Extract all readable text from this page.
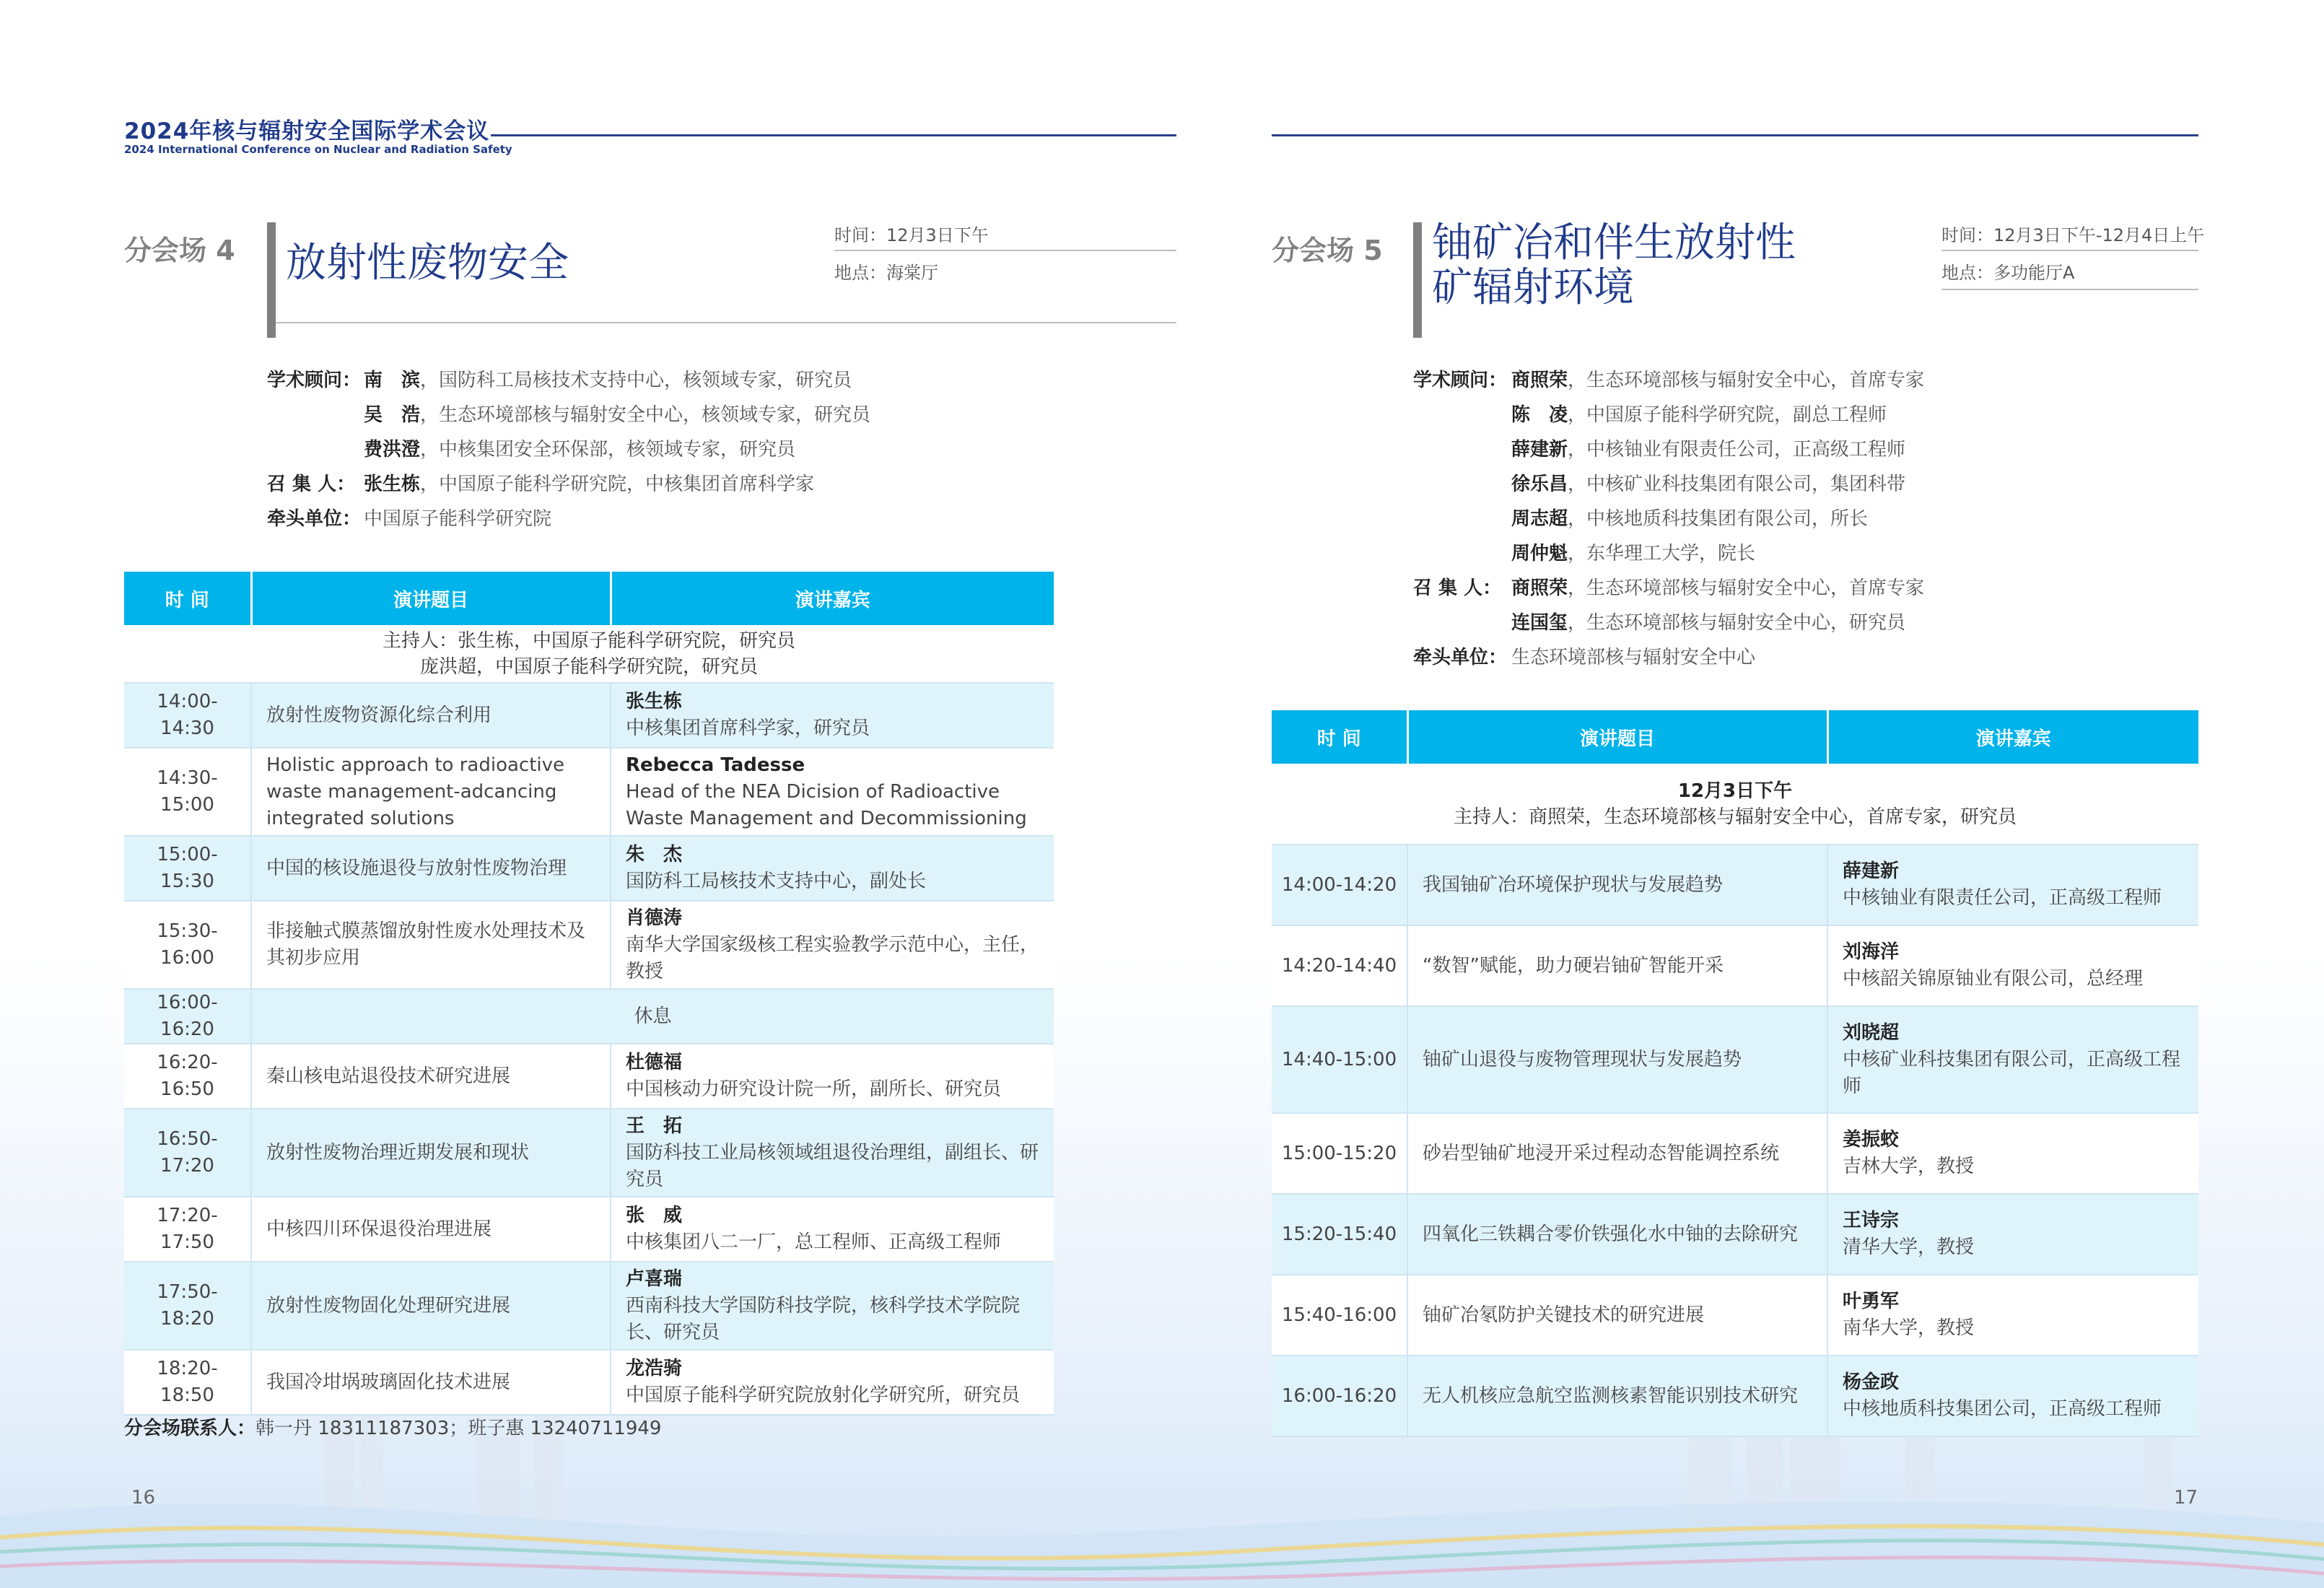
2024年核与辐射安全国际学术会议
2024 International Conference on Nuclear and Radiation Safety
分会场 4 放射性废物安全
时间：12月3日下午
地点：海棠厅
学术顾问： 南　滨 ，国防科工局核技术支持中心，核领域专家，研究员
吴　浩 ，生态环境部核与辐射安全中心，核领域专家，研究员
费洪澄 ，中核集团安全环保部，核领域专家，研究员
召 集 人： 张生栋 ，中国原子能科学研究院，中核集团首席科学家
牵头单位： 中国原子能科学研究院
时 间	演讲题目	演讲嘉宾

主持人：张生栋，中国原子能科学研究院，研究员
庞洪超，中国原子能科学研究院，研究员		

14:00-14:30	放射性废物资源化综合利用	张生栋
中核集团首席科学家，研究员

14:30-15:00	Holistic approach to radioactive waste management-adcancing integrated solutions	Rebecca Tadesse
Head of the NEA Dicision of Radioactive Waste Management and Decommissioning

15:00-15:30	中国的核设施退役与放射性废物治理	朱　杰
国防科工局核技术支持中心，副处长

15:30-16:00	非接触式膜蒸馏放射性废水处理技术及其初步应用	肖德涛
南华大学国家级核工程实验教学示范中心，主任，教授

16:00-16:20	休息	
16:20-16:50	秦山核电站退役技术研究进展	杜德福
中国核动力研究设计院一所，副所长、研究员

16:50-17:20	放射性废物治理近期发展和现状	王　拓
国防科技工业局核领域组退役治理组，副组长、研究员

17:20-17:50	中核四川环保退役治理进展	张　威
中核集团八二一厂，总工程师、正高级工程师

17:50-18:20	放射性废物固化处理研究进展	卢喜瑞
西南科技大学国防科技学院，核科学技术学院院长、研究员

18:20-18:50	我国冷坩埚玻璃固化技术进展	龙浩骑
中国原子能科学研究院放射化学研究所，研究员
分会场联系人：韩一丹 18311187303；班子惠 13240711949
16
分会场 5 铀矿冶和伴生放射性
矿辐射环境
时间：12月3日下午-12月4日上午
地点：多功能厅A
学术顾问： 商照荣 ，生态环境部核与辐射安全中心，首席专家
陈　凌 ，中国原子能科学研究院，副总工程师
薛建新 ，中核铀业有限责任公司，正高级工程师
徐乐昌 ，中核矿业科技集团有限公司，集团科带
周志超 ，中核地质科技集团有限公司，所长
周仲魁 ，东华理工大学，院长
召 集 人： 商照荣 ，生态环境部核与辐射安全中心，首席专家
连国玺 ，生态环境部核与辐射安全中心，研究员
牵头单位： 生态环境部核与辐射安全中心
时 间	演讲题目	演讲嘉宾

12月3日下午
主持人：商照荣，生态环境部核与辐射安全中心，首席专家，研究员		

14:00-14:20	我国铀矿冶环境保护现状与发展趋势	薛建新
中核铀业有限责任公司，正高级工程师

14:20-14:40	“数智”赋能，助力硬岩铀矿智能开采	刘海洋
中核韶关锦原铀业有限公司，总经理

14:40-15:00	铀矿山退役与废物管理现状与发展趋势	刘晓超
中核矿业科技集团有限公司，正高级工程师

15:00-15:20	砂岩型铀矿地浸开采过程动态智能调控系统	姜振蛟
吉林大学，教授

15:20-15:40	四氧化三铁耦合零价铁强化水中铀的去除研究	王诗宗
清华大学，教授

15:40-16:00	铀矿冶氡防护关键技术的研究进展	叶勇军
南华大学，教授

16:00-16:20	无人机核应急航空监测核素智能识别技术研究	杨金政
中核地质科技集团公司，正高级工程师
17
